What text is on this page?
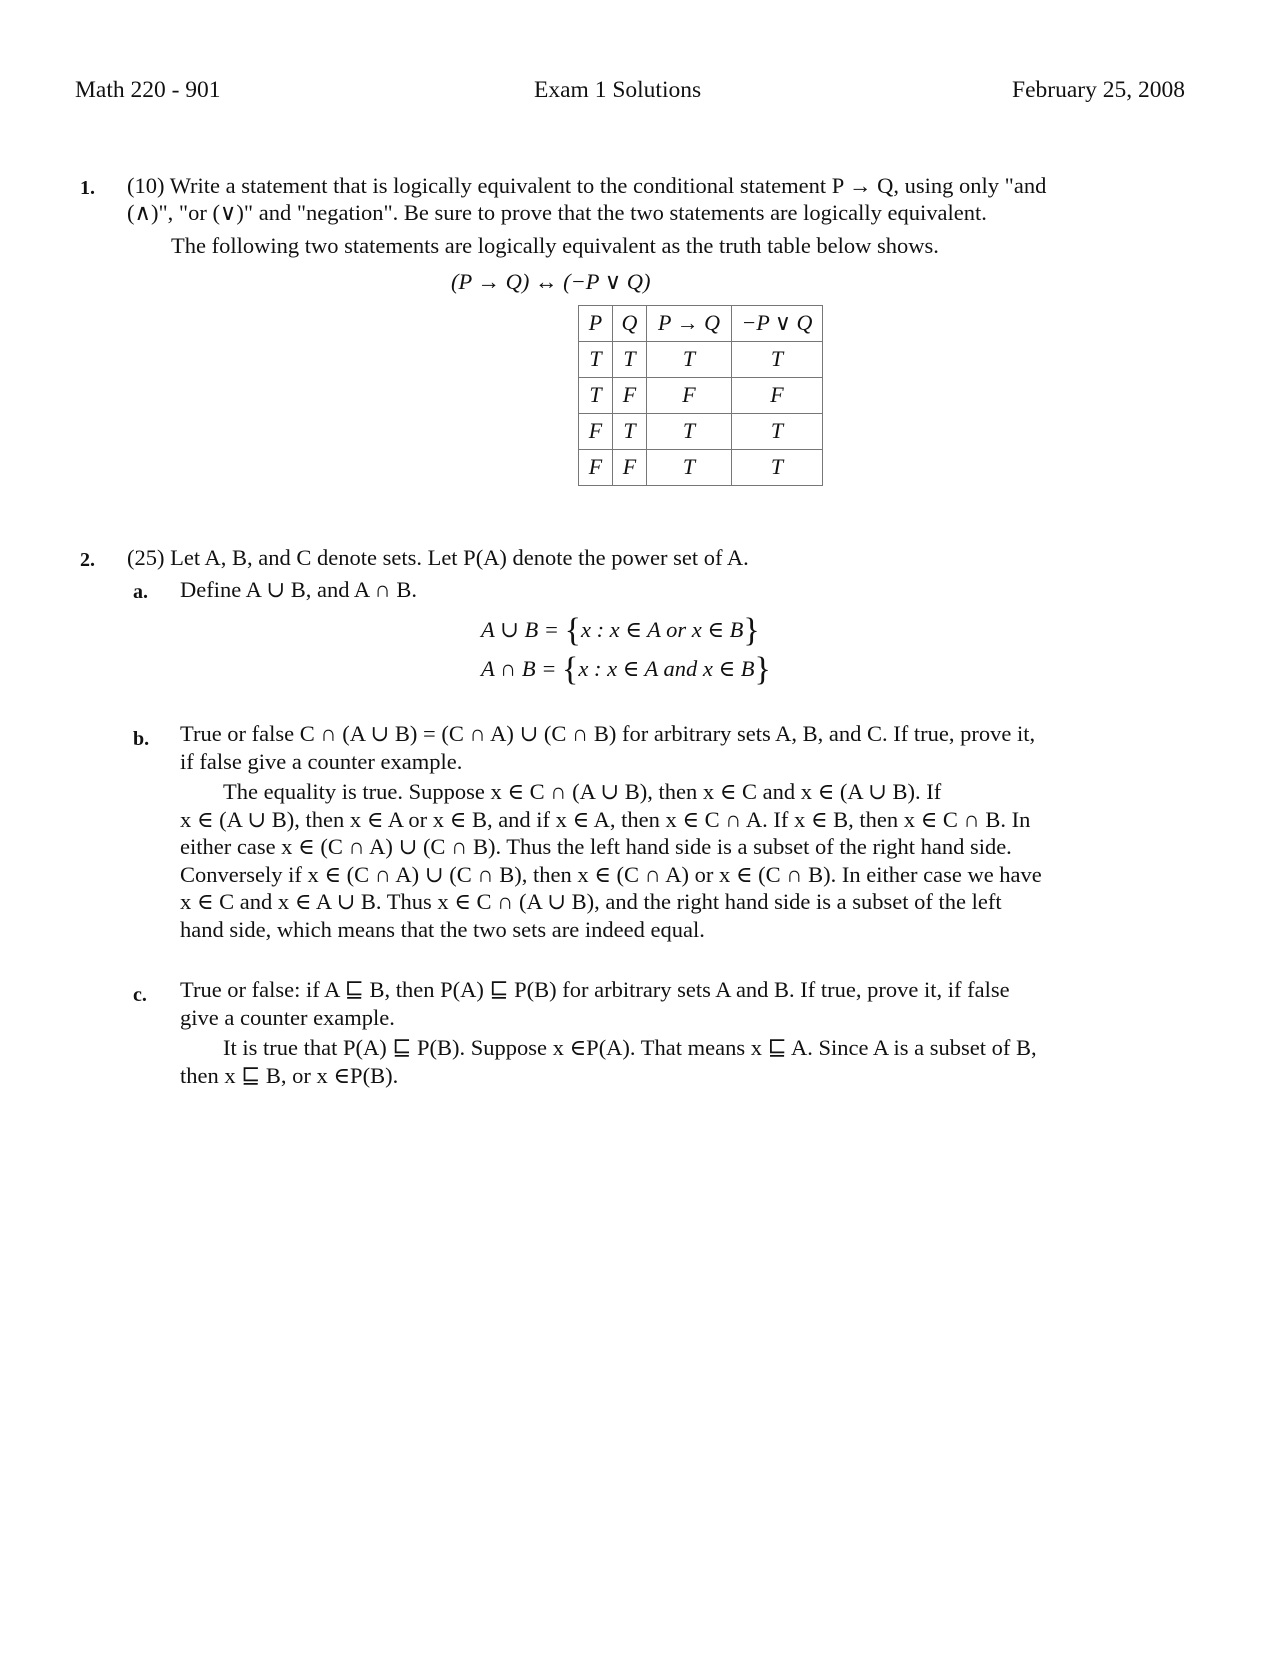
Math 220 - 901	Exam 1 Solutions	February 25, 2008
1. (10) Write a statement that is logically equivalent to the conditional statement P → Q, using only "and
(∧)", "or (∨)" and "negation". Be sure to prove that the two statements are logically equivalent.
The following two statements are logically equivalent as the truth table below shows.
(P → Q) ↔ (−P ∨ Q)
P	Q	P → Q	−P ∨ Q
T	T	T	T
T	F	F	F
F	T	T	T
F	F	T	T
2. (25) Let A, B, and C denote sets. Let P(A) denote the power set of A.
a. Define A ∪ B, and A ∩ B.
A ∪ B = {x : x ∈ A or x ∈ B}
A ∩ B = {x : x ∈ A and x ∈ B}
b. True or false C ∩ (A ∪ B) = (C ∩ A) ∪ (C ∩ B) for arbitrary sets A, B, and C. If true, prove it,
if false give a counter example.
The equality is true. Suppose x ∈ C ∩ (A ∪ B), then x ∈ C and x ∈ (A ∪ B). If
x ∈ (A ∪ B), then x ∈ A or x ∈ B, and if x ∈ A, then x ∈ C ∩ A. If x ∈ B, then x ∈ C ∩ B. In
either case x ∈ (C ∩ A) ∪ (C ∩ B). Thus the left hand side is a subset of the right hand side.
Conversely if x ∈ (C ∩ A) ∪ (C ∩ B), then x ∈ (C ∩ A) or x ∈ (C ∩ B). In either case we have
x ∈ C and x ∈ A ∪ B. Thus x ∈ C ∩ (A ∪ B), and the right hand side is a subset of the left
hand side, which means that the two sets are indeed equal.
c. True or false: if A ⊑ B, then P(A) ⊑ P(B) for arbitrary sets A and B. If true, prove it, if false
give a counter example.
It is true that P(A) ⊑ P(B). Suppose x ∈P(A). That means x ⊑ A. Since A is a subset of B,
then x ⊑ B, or x ∈P(B).
